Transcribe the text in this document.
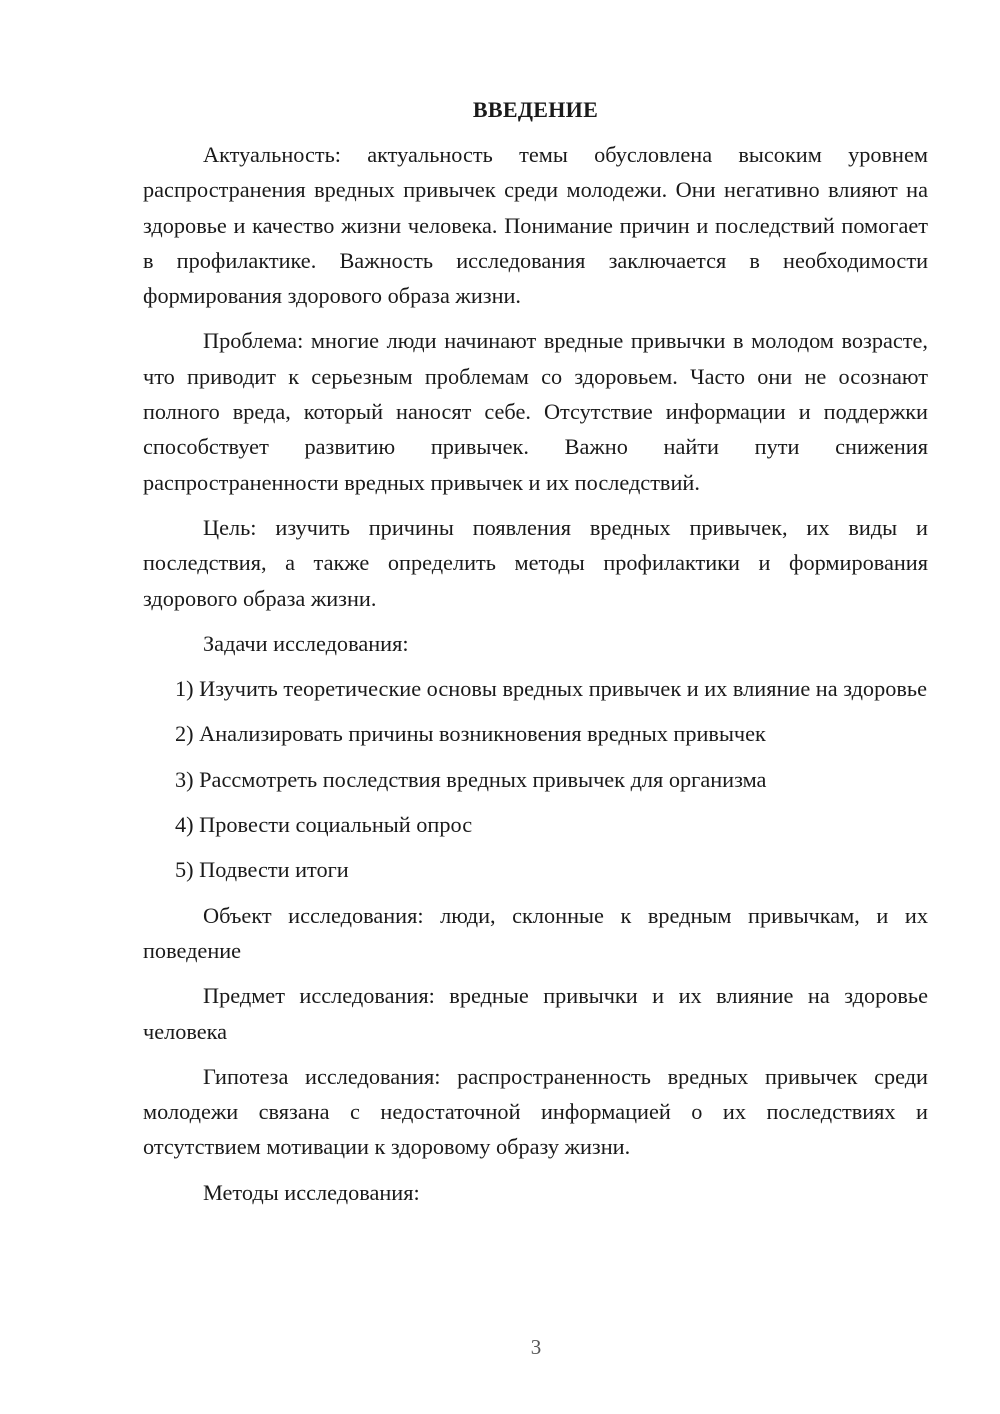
ВВЕДЕНИЕ

Актуальность: актуальность темы обусловлена высоким уровнем распространения вредных привычек среди молодежи. Они негативно влияют на здоровье и качество жизни человека. Понимание причин и последствий помогает в профилактике. Важность исследования заключается в необходимости формирования здорового образа жизни.

Проблема: многие люди начинают вредные привычки в молодом возрасте, что приводит к серьезным проблемам со здоровьем. Часто они не осознают полного вреда, который наносят себе. Отсутствие информации и поддержки способствует развитию привычек. Важно найти пути снижения распространенности вредных привычек и их последствий.

Цель: изучить причины появления вредных привычек, их виды и последствия, а также определить методы профилактики и формирования здорового образа жизни.

Задачи исследования:

1) Изучить теоретические основы вредных привычек и их влияние на здоровье
2) Анализировать причины возникновения вредных привычек
3) Рассмотреть последствия вредных привычек для организма
4) Провести социальный опрос
5) Подвести итоги

Объект исследования: люди, склонные к вредным привычкам, и их поведение

Предмет исследования: вредные привычки и их влияние на здоровье человека

Гипотеза исследования: распространенность вредных привычек среди молодежи связана с недостаточной информацией о их последствиях и отсутствием мотивации к здоровому образу жизни.

Методы исследования:

3
